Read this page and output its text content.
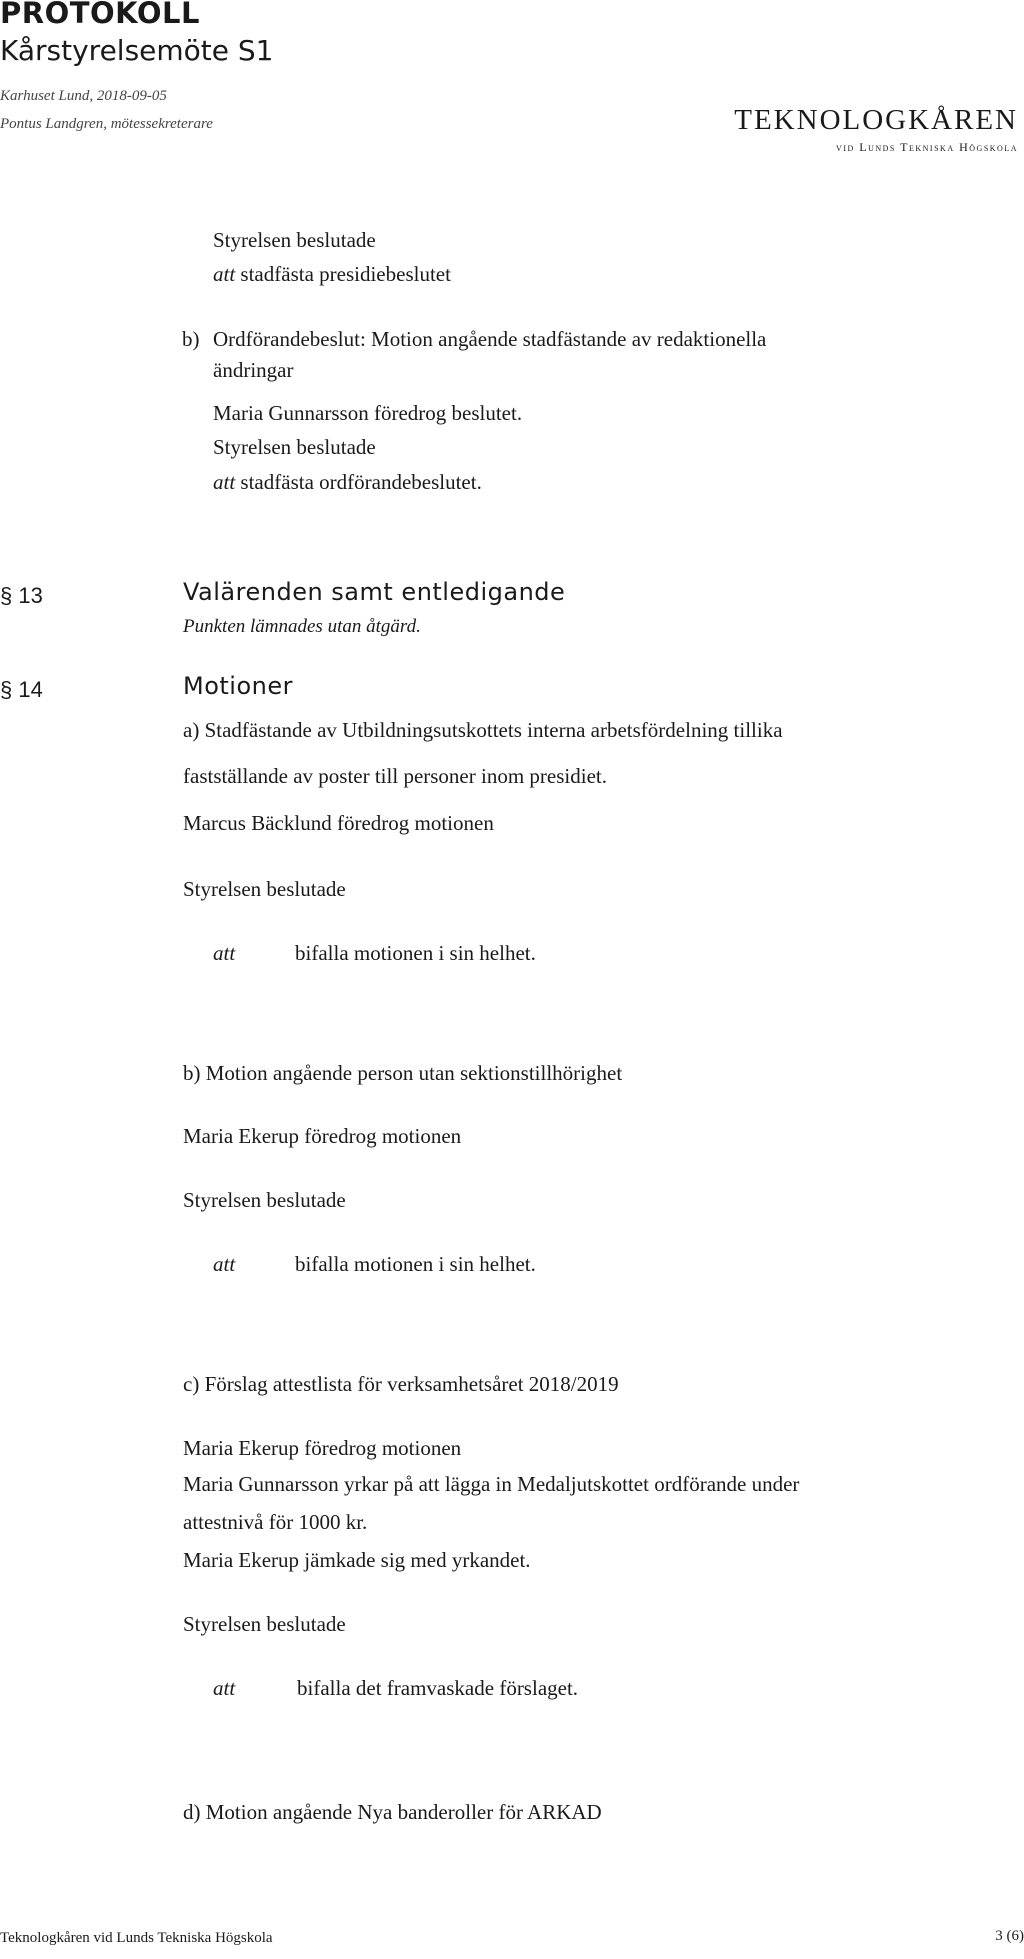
PROTOKOLL
Kårstyrelsemöte S1
Karhuset Lund, 2018-09-05
Pontus Landgren, mötessekreterare	TEKNOLOGKÅREN
vid Lunds Tekniska Högskola
Styrelsen beslutade
att stadfästa presidiebeslutet
b) Ordförandebeslut: Motion angående stadfästande av redaktionella
ändringar
Maria Gunnarsson föredrog beslutet.
Styrelsen beslutade
att stadfästa ordförandebeslutet.
§ 13	Valärenden samt entledigande
Punkten lämnades utan åtgärd.
§ 14	Motioner
a) Stadfästande av Utbildningsutskottets interna arbetsfördelning tillika
fastställande av poster till personer inom presidiet.
Marcus Bäcklund föredrog motionen
Styrelsen beslutade
att	bifalla motionen i sin helhet.
b) Motion angående person utan sektionstillhörighet
Maria Ekerup föredrog motionen
Styrelsen beslutade
att	bifalla motionen i sin helhet.
c) Förslag attestlista för verksamhetsåret 2018/2019
Maria Ekerup föredrog motionen
Maria Gunnarsson yrkar på att lägga in Medaljutskottet ordförande under
attestnivå för 1000 kr.
Maria Ekerup jämkade sig med yrkandet.
Styrelsen beslutade
att	bifalla det framvaskade förslaget.
d) Motion angående Nya banderoller för ARKAD
Teknologkåren vid Lunds Tekniska Högskola	3 (6)
